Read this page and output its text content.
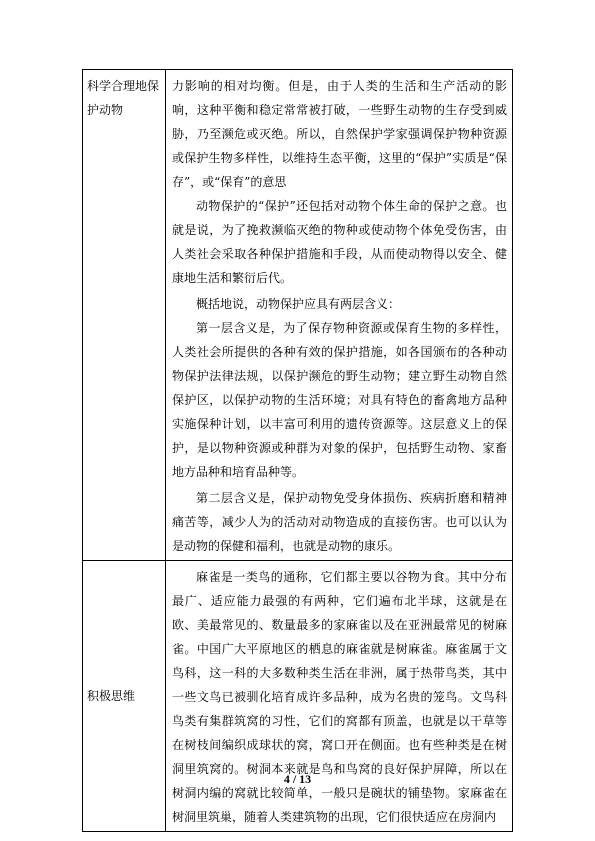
科学合理地保护动物	力影响的相对均衡。但是，由于人类的生活和生产活动的影响，这种平衡和稳定常常被打破，一些野生动物的生存受到威胁，乃至濒危或灭绝。所以，自然保护学家强调保护物种资源或保护生物多样性，以维持生态平衡，这里的“保护”实质是“保存”，或“保育”的意思

动物保护的“保护”还包括对动物个体生命的保护之意。也就是说，为了挽救濒临灭绝的物种或使动物个体免受伤害，由人类社会采取各种保护措施和手段，从而使动物得以安全、健康地生活和繁衍后代。

概括地说，动物保护应具有两层含义：

第一层含义是，为了保存物种资源或保育生物的多样性，人类社会所提供的各种有效的保护措施，如各国颁布的各种动物保护法律法规，以保护濒危的野生动物；建立野生动物自然保护区，以保护动物的生活环境；对具有特色的畜禽地方品种实施保种计划，以丰富可利用的遗传资源等。这层意义上的保护，是以物种资源或种群为对象的保护，包括野生动物、家畜地方品种和培育品种等。

第二层含义是，保护动物免受身体损伤、疾病折磨和精神痛苦等，减少人为的活动对动物造成的直接伤害。也可以认为是动物的保健和福利，也就是动物的康乐。

积极思维	麻雀是一类鸟的通称，它们都主要以谷物为食。其中分布最广、适应能力最强的有两种，它们遍布北半球，这就是在欧、美最常见的、数量最多的家麻雀以及在亚洲最常见的树麻雀。中国广大平原地区的栖息的麻雀就是树麻雀。麻雀属于文鸟科，这一科的大多数种类生活在非洲，属于热带鸟类，其中一些文鸟已被驯化培育成许多品种，成为名贵的笼鸟。文鸟科鸟类有集群筑窝的习性，它们的窝都有顶盖，也就是以干草等在树枝间编织成球状的窝，窝口开在侧面。也有些种类是在树洞里筑窝的。树洞本来就是鸟和鸟窝的良好保护屏障，所以在树洞内编的窝就比较简单，一般只是碗状的铺垫物。家麻雀在树洞里筑巢，随着人类建筑物的出现，它们很快适应在房洞内

4 / 13
